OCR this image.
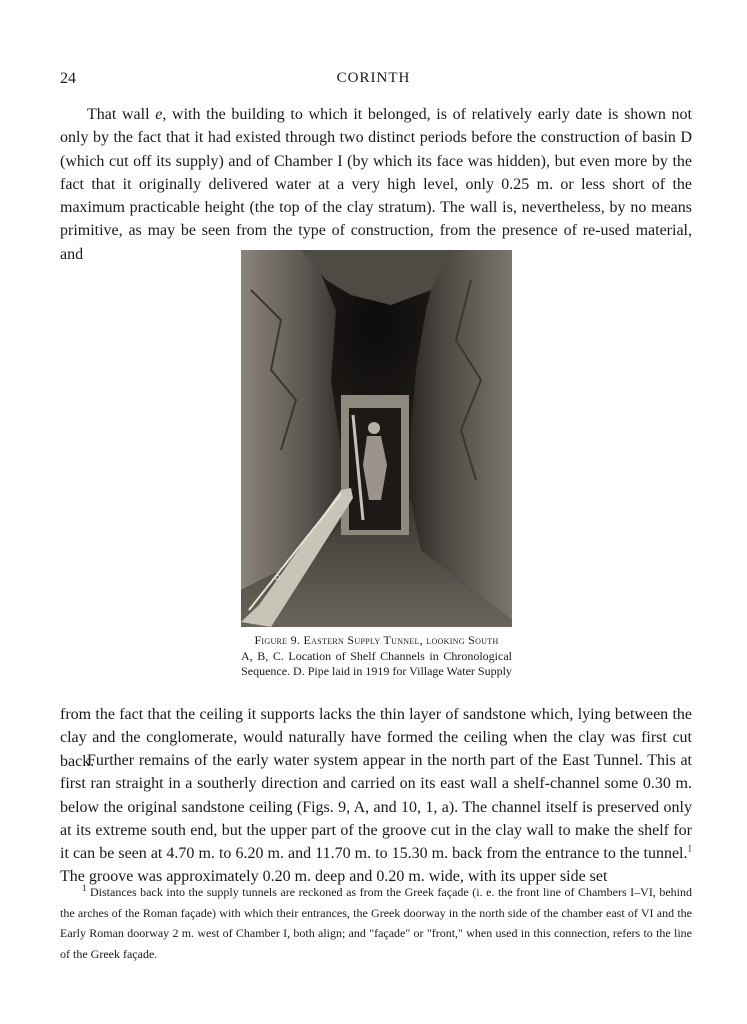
24	CORINTH

That wall e, with the building to which it belonged, is of relatively early date is shown not only by the fact that it had existed through two distinct periods before the construction of basin D (which cut off its supply) and of Chamber I (by which its face was hidden), but even more by the fact that it originally delivered water at a very high level, only 0.25 m. or less short of the maximum practicable height (the top of the clay stratum). The wall is, nevertheless, by no means primitive, as may be seen from the type of construction, from the presence of re-used material, and

D
Figure 9. Eastern Supply Tunnel, looking South
A, B, C. Location of Shelf Channels in Chronological Sequence. D. Pipe laid in 1919 for Village Water Supply

from the fact that the ceiling it supports lacks the thin layer of sandstone which, lying between the clay and the conglomerate, would naturally have formed the ceiling when the clay was first cut back.

Further remains of the early water system appear in the north part of the East Tunnel. This at first ran straight in a southerly direction and carried on its east wall a shelf-channel some 0.30 m. below the original sandstone ceiling (Figs. 9, A, and 10, 1, a). The channel itself is preserved only at its extreme south end, but the upper part of the groove cut in the clay wall to make the shelf for it can be seen at 4.70 m. to 6.20 m. and 11.70 m. to 15.30 m. back from the entrance to the tunnel.$^1$ The groove was approximately 0.20 m. deep and 0.20 m. wide, with its upper side set

$^1$ Distances back into the supply tunnels are reckoned as from the Greek façade (i. e. the front line of Chambers I–VI, behind the arches of the Roman façade) with which their entrances, the Greek doorway in the north side of the chamber east of VI and the Early Roman doorway 2 m. west of Chamber I, both align; and "façade" or "front," when used in this connection, refers to the line of the Greek façade.
